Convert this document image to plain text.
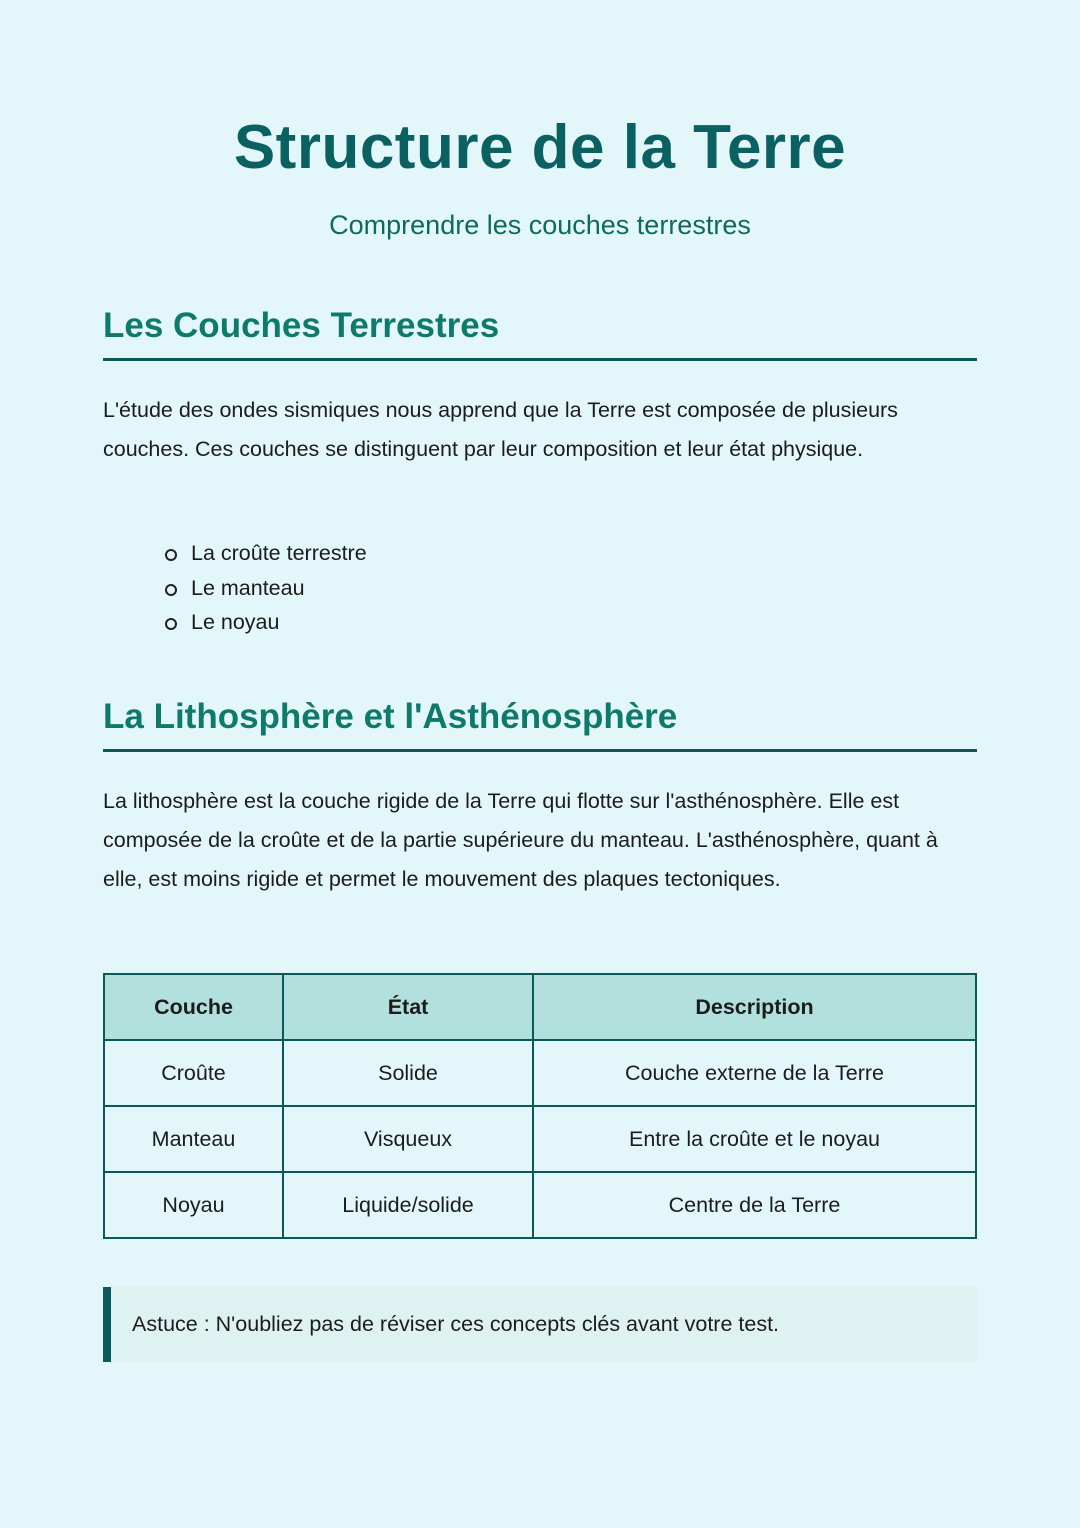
Structure de la Terre
Comprendre les couches terrestres
Les Couches Terrestres

L'étude des ondes sismiques nous apprend que la Terre est composée de plusieurs couches. Ces couches se distinguent par leur composition et leur état physique.

La croûte terrestre
Le manteau
Le noyau
La Lithosphère et l'Asthénosphère

La lithosphère est la couche rigide de la Terre qui flotte sur l'asthénosphère. Elle est composée de la croûte et de la partie supérieure du manteau. L'asthénosphère, quant à elle, est moins rigide et permet le mouvement des plaques tectoniques.

Couche	État	Description
Croûte	Solide	Couche externe de la Terre
Manteau	Visqueux	Entre la croûte et le noyau
Noyau	Liquide/solide	Centre de la Terre
Astuce : N'oubliez pas de réviser ces concepts clés avant votre test.
